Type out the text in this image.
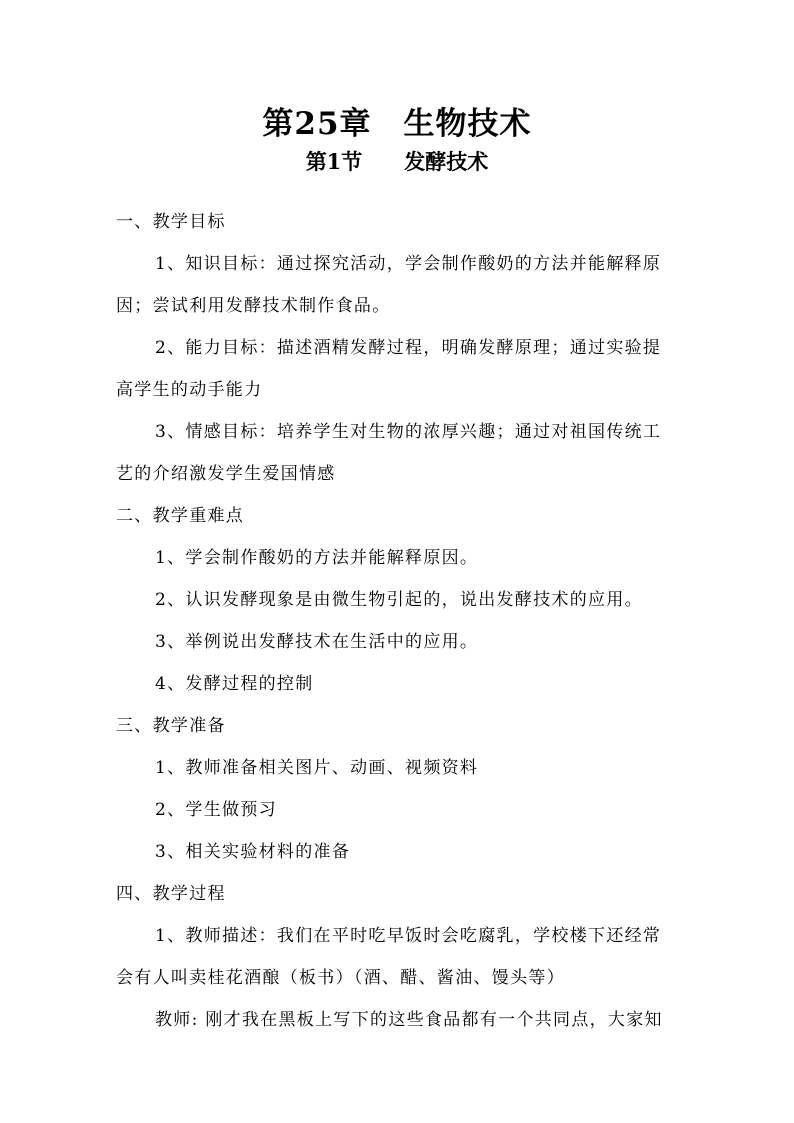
第25章　生物技术
第1节　　发酵技术
一、教学目标
1、知识目标：通过探究活动，学会制作酸奶的方法并能解释原
因；尝试利用发酵技术制作食品。
2、能力目标：描述酒精发酵过程，明确发酵原理；通过实验提
高学生的动手能力
3、情感目标：培养学生对生物的浓厚兴趣；通过对祖国传统工
艺的介绍激发学生爱国情感
二、教学重难点
1、学会制作酸奶的方法并能解释原因。
2、认识发酵现象是由微生物引起的，说出发酵技术的应用。
3、举例说出发酵技术在生活中的应用。
4、发酵过程的控制
三、教学准备
1、教师准备相关图片、动画、视频资料
2、学生做预习
3、相关实验材料的准备
四、教学过程
1、教师描述：我们在平时吃早饭时会吃腐乳，学校楼下还经常
会有人叫卖桂花酒酿（板书）（酒、醋、酱油、馒头等）
教师: 刚才我在黑板上写下的这些食品都有一个共同点，大家知
